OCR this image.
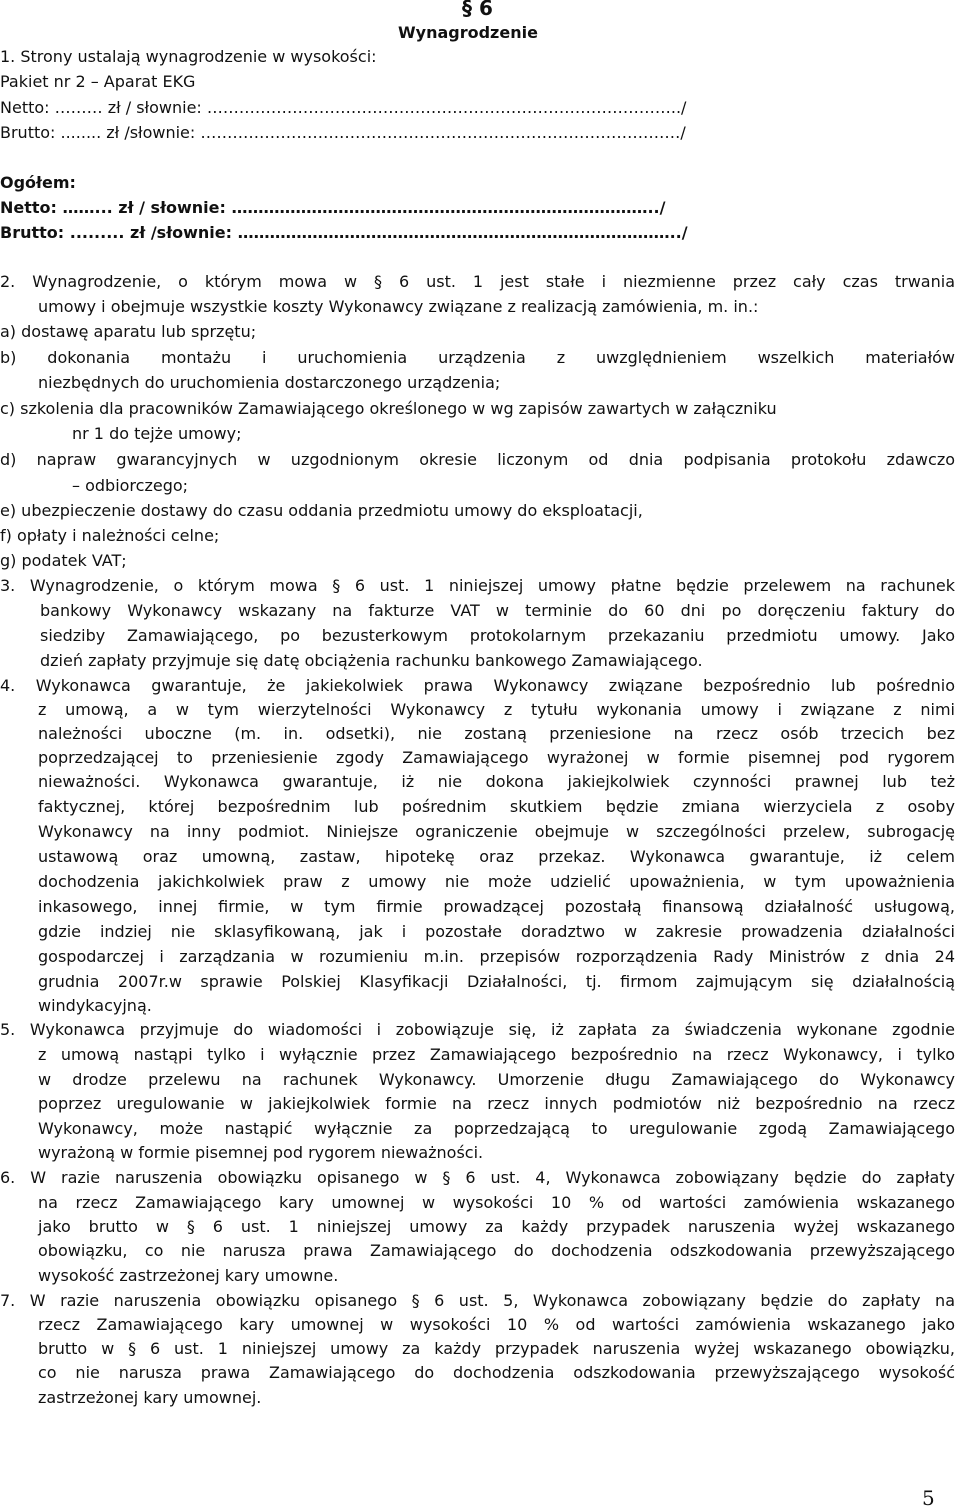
§ 6
Wynagrodzenie
1. Strony ustalają wynagrodzenie w wysokości:
Pakiet nr 2 – Aparat EKG
Netto: ……… zł / słownie: ……………………………………………………………………………../
Brutto: ........ zł /słownie: ………………………………………………………………………………/
Ogółem:
Netto: ……... zł / słownie: ……………………………………………………………………../
Brutto: ......... zł /słownie: ………………………………………………………………………../
2. Wynagrodzenie, o którym mowa w § 6 ust. 1 jest stałe i niezmienne przez cały czas trwania
umowy i obejmuje wszystkie koszty Wykonawcy związane z realizacją zamówienia, m. in.:
a) dostawę aparatu lub sprzętu;
b) dokonania montażu i uruchomienia urządzenia z uwzględnieniem wszelkich materiałów
niezbędnych do uruchomienia dostarczonego urządzenia;
c) szkolenia dla pracowników Zamawiającego określonego w wg zapisów zawartych w załączniku
nr 1 do tejże umowy;
d) napraw gwarancyjnych w uzgodnionym okresie liczonym od dnia podpisania protokołu zdawczo
– odbiorczego;
e) ubezpieczenie dostawy do czasu oddania przedmiotu umowy do eksploatacji,
f) opłaty i należności celne;
g) podatek VAT;
3. Wynagrodzenie, o którym mowa § 6 ust. 1 niniejszej umowy płatne będzie przelewem na rachunek
bankowy Wykonawcy wskazany na fakturze VAT w terminie do 60 dni po doręczeniu faktury do
siedziby Zamawiającego, po bezusterkowym protokolarnym przekazaniu przedmiotu umowy. Jako
dzień zapłaty przyjmuje się datę obciążenia rachunku bankowego Zamawiającego.
4. Wykonawca gwarantuje, że jakiekolwiek prawa Wykonawcy związane bezpośrednio lub pośrednio
z umową, a w tym wierzytelności Wykonawcy z tytułu wykonania umowy i związane z nimi
należności uboczne (m. in. odsetki), nie zostaną przeniesione na rzecz osób trzecich bez
poprzedzającej to przeniesienie zgody Zamawiającego wyrażonej w formie pisemnej pod rygorem
nieważności. Wykonawca gwarantuje, iż nie dokona jakiejkolwiek czynności prawnej lub też
faktycznej, której bezpośrednim lub pośrednim skutkiem będzie zmiana wierzyciela z osoby
Wykonawcy na inny podmiot. Niniejsze ograniczenie obejmuje w szczególności przelew, subrogację
ustawową oraz umowną, zastaw, hipotekę oraz przekaz. Wykonawca gwarantuje, iż celem
dochodzenia jakichkolwiek praw z umowy nie może udzielić upoważnienia, w tym upoważnienia
inkasowego, innej firmie, w tym firmie prowadzącej pozostałą finansową działalność usługową,
gdzie indziej nie sklasyfikowaną, jak i pozostałe doradztwo w zakresie prowadzenia działalności
gospodarczej i zarządzania w rozumieniu m.in. przepisów rozporządzenia Rady Ministrów z dnia 24
grudnia 2007r.w sprawie Polskiej Klasyfikacji Działalności, tj. firmom zajmującym się działalnością
windykacyjną.
5. Wykonawca przyjmuje do wiadomości i zobowiązuje się, iż zapłata za świadczenia wykonane zgodnie
z umową nastąpi tylko i wyłącznie przez Zamawiającego bezpośrednio na rzecz Wykonawcy, i tylko
w drodze przelewu na rachunek Wykonawcy. Umorzenie długu Zamawiającego do Wykonawcy
poprzez uregulowanie w jakiejkolwiek formie na rzecz innych podmiotów niż bezpośrednio na rzecz
Wykonawcy, może nastąpić wyłącznie za poprzedzającą to uregulowanie zgodą Zamawiającego
wyrażoną w formie pisemnej pod rygorem nieważności.
6. W razie naruszenia obowiązku opisanego w § 6 ust. 4, Wykonawca zobowiązany będzie do zapłaty
na rzecz Zamawiającego kary umownej w wysokości 10 % od wartości zamówienia wskazanego
jako brutto w § 6 ust. 1 niniejszej umowy za każdy przypadek naruszenia wyżej wskazanego
obowiązku, co nie narusza prawa Zamawiającego do dochodzenia odszkodowania przewyższającego
wysokość zastrzeżonej kary umowne.
7. W razie naruszenia obowiązku opisanego § 6 ust. 5, Wykonawca zobowiązany będzie do zapłaty na
rzecz Zamawiającego kary umownej w wysokości 10 % od wartości zamówienia wskazanego jako
brutto w § 6 ust. 1 niniejszej umowy za każdy przypadek naruszenia wyżej wskazanego obowiązku,
co nie narusza prawa Zamawiającego do dochodzenia odszkodowania przewyższającego wysokość
zastrzeżonej kary umownej.
5
